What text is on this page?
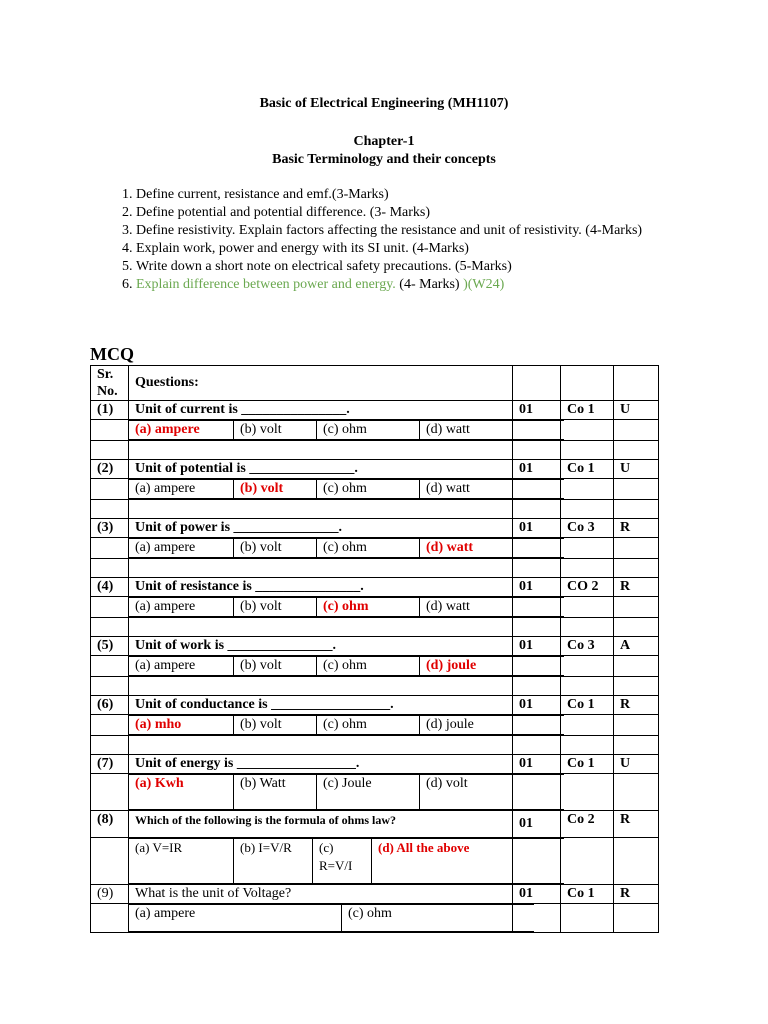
Basic of Electrical Engineering (MH1107)
Chapter-1
Basic Terminology and their concepts
1. Define current, resistance and emf.(3-Marks)
2. Define potential and potential difference. (3- Marks)
3. Define resistivity. Explain factors affecting the resistance and unit of resistivity. (4-Marks)
4. Explain work, power and energy with its SI unit. (4-Marks)
5. Write down a short note on electrical safety precautions. (5-Marks)
6. Explain difference between power and energy. (4- Marks) )(W24)
MCQ
Sr. No.	Questions:			
(1)	Unit of current is _______________.	01	Co 1	U

(a) ampere	(b) volt	(c) ohm	(d) watt

(2)	Unit of potential is _______________.	01	Co 1	U

(a) ampere	(b) volt	(c) ohm	(d) watt

(3)	Unit of power is _______________.	01	Co 3	R

(a) ampere	(b) volt	(c) ohm	(d) watt

(4)	Unit of resistance is _______________.	01	CO 2	R

(a) ampere	(b) volt	(c) ohm	(d) watt

(5)	Unit of work is _______________.	01	Co 3	A

(a) ampere	(b) volt	(c) ohm	(d) joule

(6)	Unit of conductance is _________________.	01	Co 1	R

(a) mho	(b) volt	(c) ohm	(d) joule

(7)	Unit of energy is _________________.	01	Co 1	U

(a) Kwh	(b) Watt	(c) Joule	(d) volt

(8)	Which of the following is the formula of ohms law?	01	Co 2	R

(a) V=IR	(b) I=V/R	(c) R=V/I	(d) All the above

(9)	What is the unit of Voltage?	01	Co 1	R

(a) ampere	(c) ohm
